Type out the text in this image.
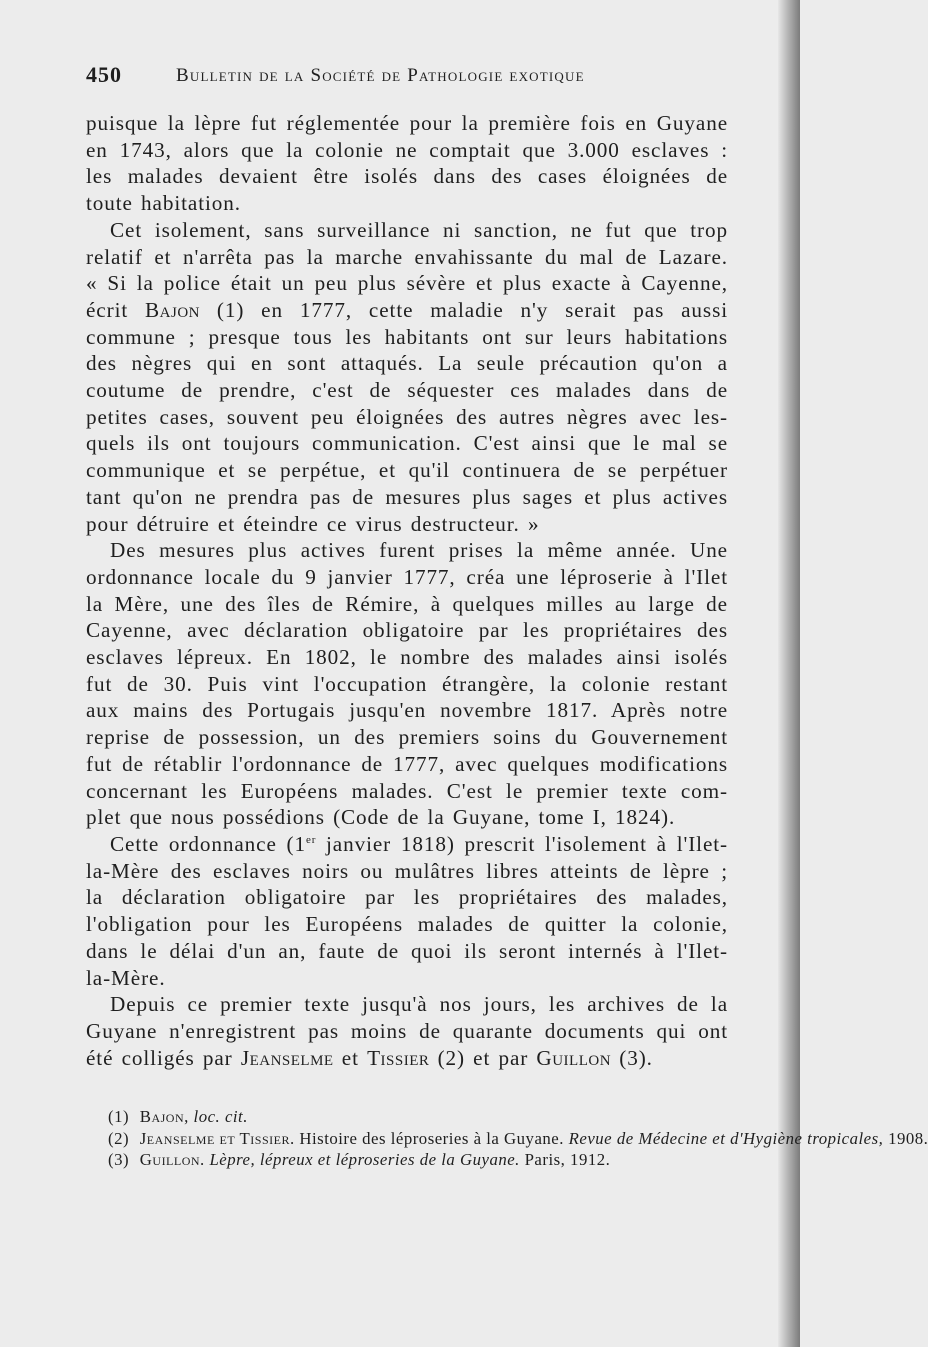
450	Bulletin de la Société de Pathologie exotique
puisque la lèpre fut réglementée pour la première fois en Guyane
en 1743, alors que la colonie ne comptait que 3.000 esclaves :
les malades devaient être isolés dans des cases éloignées de
toute habitation.
Cet isolement, sans surveillance ni sanction, ne fut que trop
relatif et n'arrêta pas la marche envahissante du mal de Lazare.
« Si la police était un peu plus sévère et plus exacte à Cayenne,
écrit Bajon (1) en 1777, cette maladie n'y serait pas aussi
commune ; presque tous les habitants ont sur leurs habitations
des nègres qui en sont attaqués. La seule précaution qu'on a
coutume de prendre, c'est de séquester ces malades dans de
petites cases, souvent peu éloignées des autres nègres avec les-
quels ils ont toujours communication. C'est ainsi que le mal se
communique et se perpétue, et qu'il continuera de se perpétuer
tant qu'on ne prendra pas de mesures plus sages et plus actives
pour détruire et éteindre ce virus destructeur. »
Des mesures plus actives furent prises la même année. Une
ordonnance locale du 9 janvier 1777, créa une léproserie à l'Ilet
la Mère, une des îles de Rémire, à quelques milles au large de
Cayenne, avec déclaration obligatoire par les propriétaires des
esclaves lépreux. En 1802, le nombre des malades ainsi isolés
fut de 30. Puis vint l'occupation étrangère, la colonie restant
aux mains des Portugais jusqu'en novembre 1817. Après notre
reprise de possession, un des premiers soins du Gouvernement
fut de rétablir l'ordonnance de 1777, avec quelques modifications
concernant les Européens malades. C'est le premier texte com-
plet que nous possédions (Code de la Guyane, tome I, 1824).
Cette ordonnance (1er janvier 1818) prescrit l'isolement à l'Ilet-
la-Mère des esclaves noirs ou mulâtres libres atteints de lèpre ;
la déclaration obligatoire par les propriétaires des malades,
l'obligation pour les Européens malades de quitter la colonie,
dans le délai d'un an, faute de quoi ils seront internés à l'Ilet-
la-Mère.
Depuis ce premier texte jusqu'à nos jours, les archives de la
Guyane n'enregistrent pas moins de quarante documents qui ont
été colligés par Jeanselme et Tissier (2) et par Guillon (3).
(1) Bajon, loc. cit.
(2) Jeanselme et Tissier. Histoire des léproseries à la Guyane. Revue de Médecine et d'Hygiène tropicales, 1908.
(3) Guillon. Lèpre, lépreux et léproseries de la Guyane. Paris, 1912.
